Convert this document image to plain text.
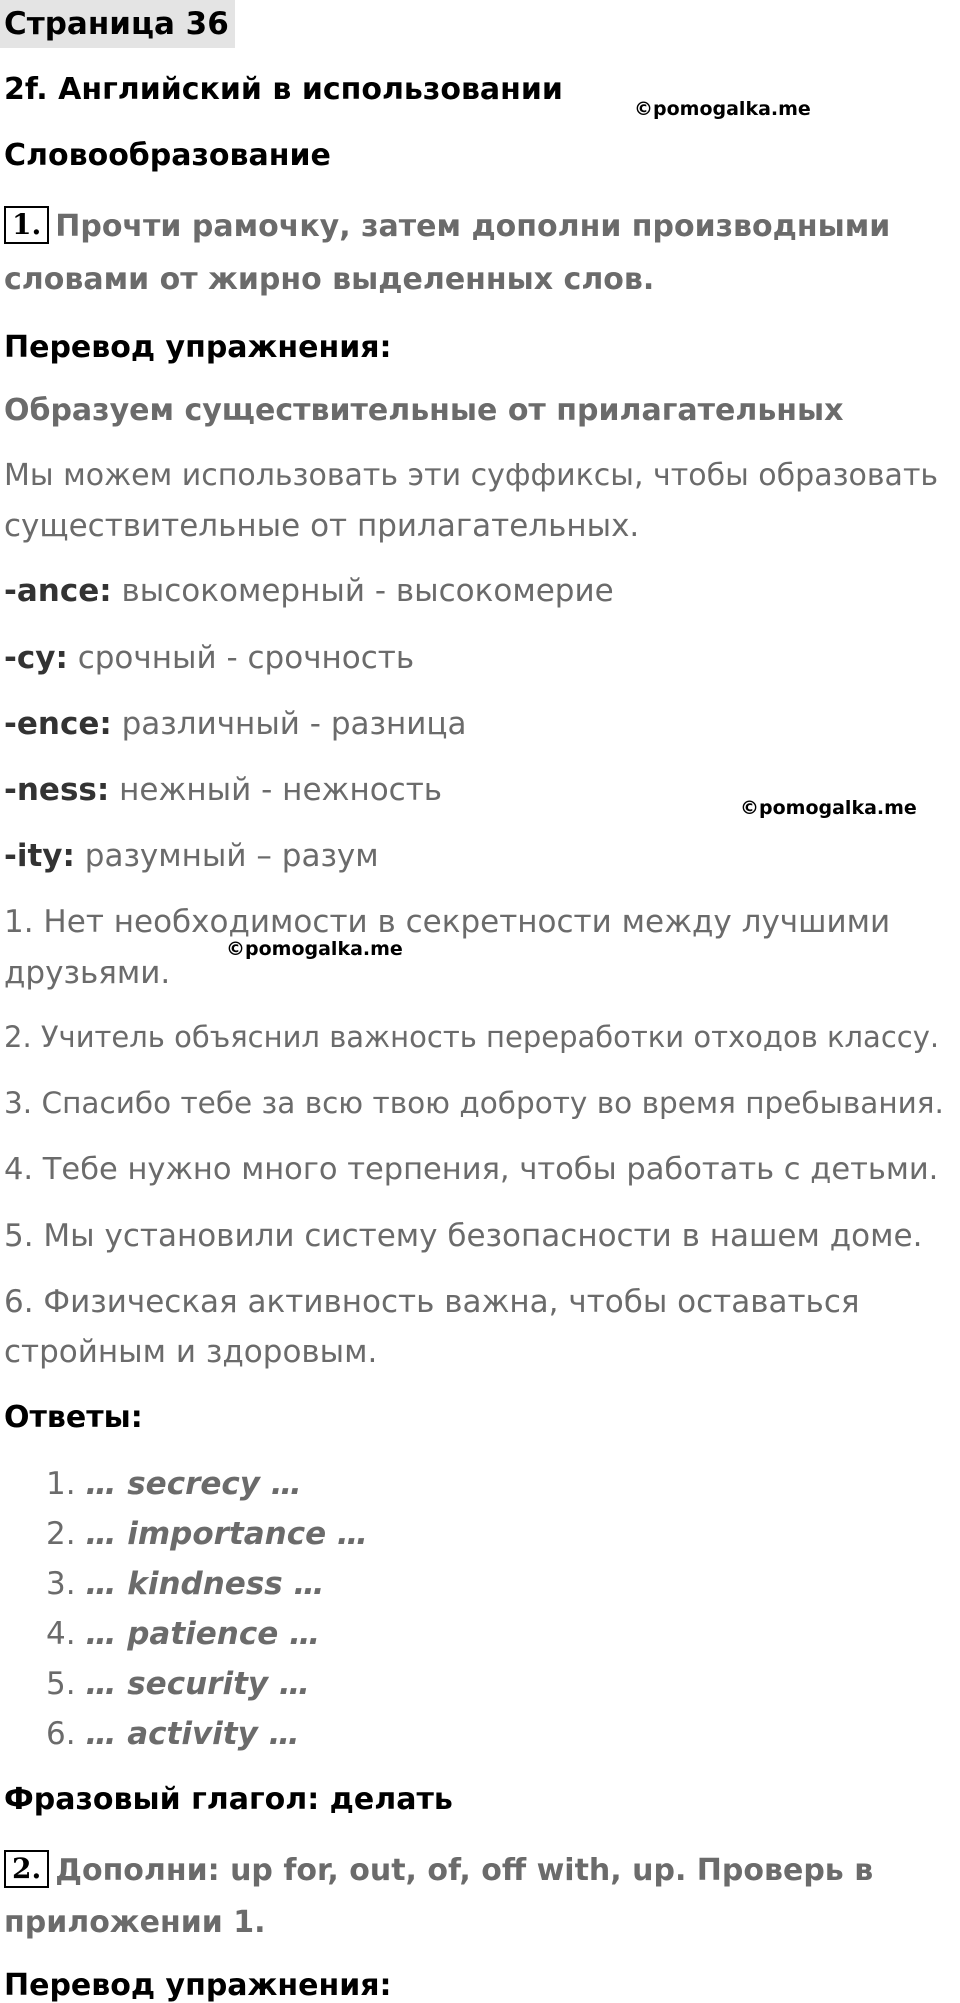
Страница 36
2f. Английский в использовании
©pomogalka.me
Словообразование
1. Прочти рамочку, затем дополни производными
словами от жирно выделенных слов.
Перевод упражнения:
Образуем существительные от прилагательных
Мы можем использовать эти суффиксы, чтобы образовать
существительные от прилагательных.
-ance: высокомерный - высокомерие
-cy: срочный - срочность
-ence: различный - разница
-ness: нежный - нежность	©pomogalka.me
-ity: разумный – разум
1. Нет необходимости в секретности между лучшими
©pomogalka.me
друзьями.
2. Учитель объяснил важность переработки отходов классу.
3. Спасибо тебе за всю твою доброту во время пребывания.
4. Тебе нужно много терпения, чтобы работать с детьми.
5. Мы установили систему безопасности в нашем доме.
6. Физическая активность важна, чтобы оставаться
стройным и здоровым.
Ответы:
1. … secrecy …
2. … importance …
3. … kindness …
4. … patience …
5. … security …
6. … activity …
Фразовый глагол: делать
2. Дополни: up for, out, of, off with, up. Проверь в
приложении 1.
Перевод упражнения:
